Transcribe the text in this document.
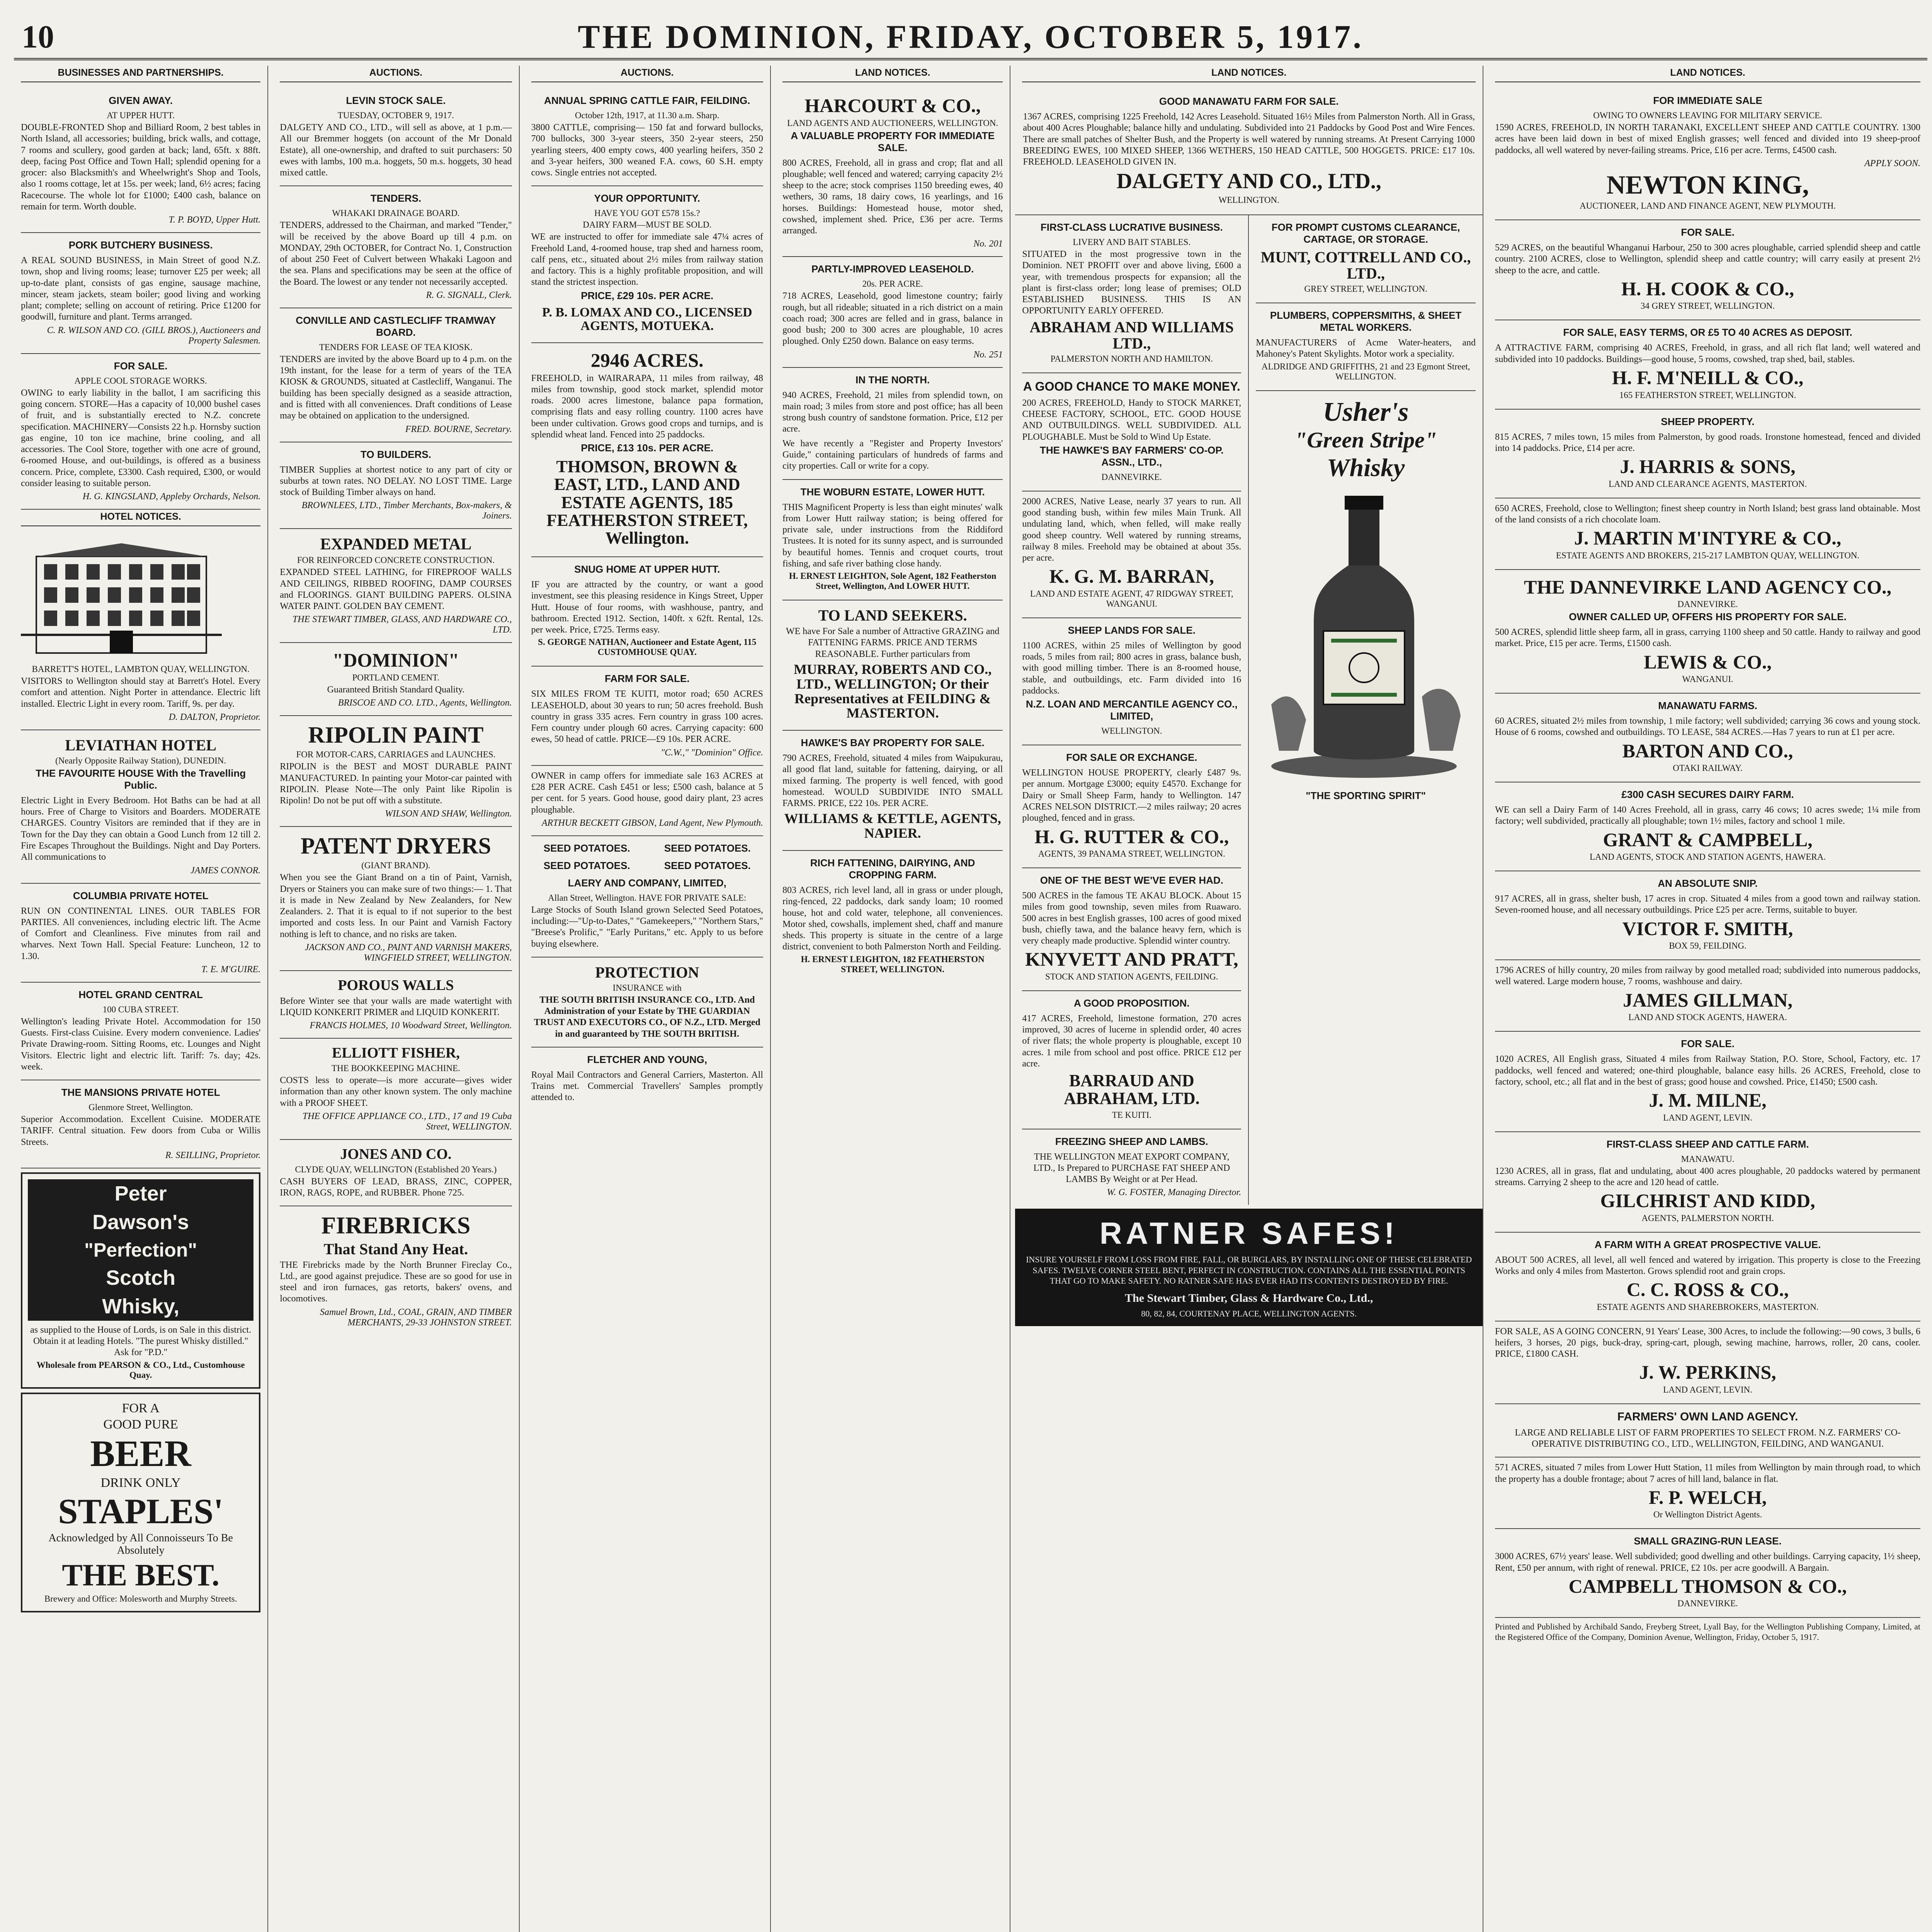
10	THE DOMINION, FRIDAY, OCTOBER 5, 1917.
BUSINESSES AND PARTNERSHIPS.
GIVEN AWAY.
AT UPPER HUTT.

DOUBLE-FRONTED Shop and Billiard Room, 2 best tables in North Island, all accessories; building, brick walls, and cottage, 7 rooms and scullery, good garden at back; land, 65ft. x 88ft. deep, facing Post Office and Town Hall; splendid opening for a grocer: also Blacksmith's and Wheelwright's Shop and Tools, also 1 rooms cottage, let at 15s. per week; land, 6½ acres; facing Racecourse. The whole lot for £1000; £400 cash, balance on remain for term. Worth double.

T. P. BOYD, Upper Hutt.
PORK BUTCHERY BUSINESS.

A REAL SOUND BUSINESS, in Main Street of good N.Z. town, shop and living rooms; lease; turnover £25 per week; all up-to-date plant, consists of gas engine, sausage machine, mincer, steam jackets, steam boiler; good living and working plant; complete; selling on account of retiring. Price £1200 for goodwill, furniture and plant. Terms arranged.

C. R. WILSON AND CO. (GILL BROS.), Auctioneers and Property Salesmen.
FOR SALE.
APPLE COOL STORAGE WORKS.

OWING to early liability in the ballot, I am sacrificing this going concern. STORE—Has a capacity of 10,000 bushel cases of fruit, and is substantially erected to N.Z. concrete specification. MACHINERY—Consists 22 h.p. Hornsby suction gas engine, 10 ton ice machine, brine cooling, and all accessories. The Cool Store, together with one acre of ground, 6-roomed House, and out-buildings, is offered as a business concern. Price, complete, £3300. Cash required, £300, or would consider leasing to suitable person.

H. G. KINGSLAND, Appleby Orchards, Nelson.
HOTEL NOTICES.
BARRETT'S HOTEL, LAMBTON QUAY, WELLINGTON.

VISITORS to Wellington should stay at Barrett's Hotel. Every comfort and attention. Night Porter in attendance. Electric lift installed. Electric Light in every room. Tariff, 9s. per day.

D. DALTON, Proprietor.
LEVIATHAN HOTEL
(Nearly Opposite Railway Station), DUNEDIN.
THE FAVOURITE HOUSE With the Travelling Public.

Electric Light in Every Bedroom. Hot Baths can be had at all hours. Free of Charge to Visitors and Boarders. MODERATE CHARGES. Country Visitors are reminded that if they are in Town for the Day they can obtain a Good Lunch from 12 till 2. Fire Escapes Throughout the Buildings. Night and Day Porters. All communications to

JAMES CONNOR.
COLUMBIA PRIVATE HOTEL

RUN ON CONTINENTAL LINES. OUR TABLES FOR PARTIES. All conveniences, including electric lift. The Acme of Comfort and Cleanliness. Five minutes from rail and wharves. Next Town Hall. Special Feature: Luncheon, 12 to 1.30.

T. E. M'GUIRE.
HOTEL GRAND CENTRAL
100 CUBA STREET.

Wellington's leading Private Hotel. Accommodation for 150 Guests. First-class Cuisine. Every modern convenience. Ladies' Private Drawing-room. Sitting Rooms, etc. Lounges and Night Visitors. Electric light and electric lift. Tariff: 7s. day; 42s. week.

THE MANSIONS PRIVATE HOTEL
Glenmore Street, Wellington.

Superior Accommodation. Excellent Cuisine. MODERATE TARIFF. Central situation. Few doors from Cuba or Willis Streets.

R. SEILLING, Proprietor.
Peter
Dawson's
"Perfection"
Scotch
Whisky,

as supplied to the House of Lords, is on Sale in this district. Obtain it at leading Hotels. "The purest Whisky distilled." Ask for "P.D."

Wholesale from PEARSON & CO., Ltd., Customhouse Quay.
FOR A
GOOD PURE
BEER
DRINK ONLY
STAPLES'
Acknowledged by All Connoisseurs To Be Absolutely
THE BEST.
Brewery and Office: Molesworth and Murphy Streets.
AUCTIONS.
LEVIN STOCK SALE.
TUESDAY, OCTOBER 9, 1917.

DALGETY AND CO., LTD., will sell as above, at 1 p.m.— All our Bremmer hoggets (on account of the Mr Donald Estate), all one-ownership, and drafted to suit purchasers: 50 ewes with lambs, 100 m.a. hoggets, 50 m.s. hoggets, 30 head mixed cattle.

TENDERS.
WHAKAKI DRAINAGE BOARD.

TENDERS, addressed to the Chairman, and marked "Tender," will be received by the above Board up till 4 p.m. on MONDAY, 29th OCTOBER, for Contract No. 1, Construction of about 250 Feet of Culvert between Whakaki Lagoon and the sea. Plans and specifications may be seen at the office of the Board. The lowest or any tender not necessarily accepted.

R. G. SIGNALL, Clerk.
CONVILLE AND CASTLECLIFF TRAMWAY BOARD.
TENDERS FOR LEASE OF TEA KIOSK.

TENDERS are invited by the above Board up to 4 p.m. on the 19th instant, for the lease for a term of years of the TEA KIOSK & GROUNDS, situated at Castlecliff, Wanganui. The building has been specially designed as a seaside attraction, and is fitted with all conveniences. Draft conditions of Lease may be obtained on application to the undersigned.

FRED. BOURNE, Secretary.
TO BUILDERS.

TIMBER Supplies at shortest notice to any part of city or suburbs at town rates. NO DELAY. NO LOST TIME. Large stock of Building Timber always on hand.

BROWNLEES, LTD., Timber Merchants, Box-makers, & Joiners.
EXPANDED METAL
FOR REINFORCED CONCRETE CONSTRUCTION.

EXPANDED STEEL LATHING, for FIREPROOF WALLS AND CEILINGS, RIBBED ROOFING, DAMP COURSES and FLOORINGS. GIANT BUILDING PAPERS. OLSINA WATER PAINT. GOLDEN BAY CEMENT.

THE STEWART TIMBER, GLASS, AND HARDWARE CO., LTD.
"DOMINION"
PORTLAND CEMENT.

Guaranteed British Standard Quality.

BRISCOE AND CO. LTD., Agents, Wellington.
RIPOLIN PAINT
FOR MOTOR-CARS, CARRIAGES and LAUNCHES.

RIPOLIN is the BEST and MOST DURABLE PAINT MANUFACTURED. In painting your Motor-car painted with RIPOLIN. Please Note—The only Paint like Ripolin is Ripolin! Do not be put off with a substitute.

WILSON AND SHAW, Wellington.
PATENT DRYERS
(GIANT BRAND).

When you see the Giant Brand on a tin of Paint, Varnish, Dryers or Stainers you can make sure of two things:— 1. That it is made in New Zealand by New Zealanders, for New Zealanders. 2. That it is equal to if not superior to the best imported and costs less. In our Paint and Varnish Factory nothing is left to chance, and no risks are taken.

JACKSON AND CO., PAINT AND VARNISH MAKERS, WINGFIELD STREET, WELLINGTON.
POROUS WALLS

Before Winter see that your walls are made watertight with LIQUID KONKERIT PRIMER and LIQUID KONKERIT.

FRANCIS HOLMES, 10 Woodward Street, Wellington.
ELLIOTT FISHER,
THE BOOKKEEPING MACHINE.

COSTS less to operate—is more accurate—gives wider information than any other known system. The only machine with a PROOF SHEET.

THE OFFICE APPLIANCE CO., LTD., 17 and 19 Cuba Street, WELLINGTON.
JONES AND CO.
CLYDE QUAY, WELLINGTON (Established 20 Years.)

CASH BUYERS OF LEAD, BRASS, ZINC, COPPER, IRON, RAGS, ROPE, and RUBBER. Phone 725.

FIREBRICKS
That Stand Any Heat.

THE Firebricks made by the North Brunner Fireclay Co., Ltd., are good against prejudice. These are so good for use in steel and iron furnaces, gas retorts, bakers' ovens, and locomotives.

Samuel Brown, Ltd., COAL, GRAIN, AND TIMBER MERCHANTS, 29-33 JOHNSTON STREET.
AUCTIONS.
ANNUAL SPRING CATTLE FAIR, FEILDING.
October 12th, 1917, at 11.30 a.m. Sharp.

3800 CATTLE, comprising— 150 fat and forward bullocks, 700 bullocks, 300 3-year steers, 350 2-year steers, 250 yearling steers, 400 empty cows, 400 yearling heifers, 350 2 and 3-year heifers, 300 weaned F.A. cows, 60 S.H. empty cows. Single entries not accepted.

YOUR OPPORTUNITY.
HAVE YOU GOT £578 15s.?
DAIRY FARM—MUST BE SOLD.

WE are instructed to offer for immediate sale 47¼ acres of Freehold Land, 4-roomed house, trap shed and harness room, calf pens, etc., situated about 2½ miles from railway station and factory. This is a highly profitable proposition, and will stand the strictest inspection.

PRICE, £29 10s. PER ACRE.
P. B. LOMAX AND CO., LICENSED AGENTS, MOTUEKA.
2946 ACRES.

FREEHOLD, in WAIRARAPA, 11 miles from railway, 48 miles from township, good stock market, splendid motor roads. 2000 acres limestone, balance papa formation, comprising flats and easy rolling country. 1100 acres have been under cultivation. Grows good crops and turnips, and is splendid wheat land. Fenced into 25 paddocks.

PRICE, £13 10s. PER ACRE.
THOMSON, BROWN & EAST, LTD., LAND AND ESTATE AGENTS, 185 FEATHERSTON STREET, Wellington.
SNUG HOME AT UPPER HUTT.

IF you are attracted by the country, or want a good investment, see this pleasing residence in Kings Street, Upper Hutt. House of four rooms, with washhouse, pantry, and bathroom. Erected 1912. Section, 140ft. x 62ft. Rental, 12s. per week. Price, £725. Terms easy.

S. GEORGE NATHAN, Auctioneer and Estate Agent, 115 CUSTOMHOUSE QUAY.
FARM FOR SALE.

SIX MILES FROM TE KUITI, motor road; 650 ACRES LEASEHOLD, about 30 years to run; 50 acres freehold. Bush country in grass 335 acres. Fern country in grass 100 acres. Fern country under plough 60 acres. Carrying capacity: 600 ewes, 50 head of cattle. PRICE—£9 10s. PER ACRE.

"C.W.," "Dominion" Office.

OWNER in camp offers for immediate sale 163 ACRES at £28 PER ACRE. Cash £451 or less; £500 cash, balance at 5 per cent. for 5 years. Good house, good dairy plant, 23 acres ploughable.

ARTHUR BECKETT GIBSON, Land Agent, New Plymouth.
SEED POTATOES.	SEED POTATOES.
SEED POTATOES.	SEED POTATOES.
LAERY AND COMPANY, LIMITED,
Allan Street, Wellington. HAVE FOR PRIVATE SALE:

Large Stocks of South Island grown Selected Seed Potatoes, including:—"Up-to-Dates," "Gamekeepers," "Northern Stars," "Breese's Prolific," "Early Puritans," etc. Apply to us before buying elsewhere.

PROTECTION
INSURANCE with

THE SOUTH BRITISH INSURANCE CO., LTD. And Administration of your Estate by THE GUARDIAN TRUST AND EXECUTORS CO., OF N.Z., LTD. Merged in and guaranteed by THE SOUTH BRITISH.

FLETCHER AND YOUNG,

Royal Mail Contractors and General Carriers, Masterton. All Trains met. Commercial Travellers' Samples promptly attended to.

LAND NOTICES.
HARCOURT & CO.,
LAND AGENTS AND AUCTIONEERS, WELLINGTON.
A VALUABLE PROPERTY FOR IMMEDIATE SALE.

800 ACRES, Freehold, all in grass and crop; flat and all ploughable; well fenced and watered; carrying capacity 2½ sheep to the acre; stock comprises 1150 breeding ewes, 40 wethers, 30 rams, 18 dairy cows, 16 yearlings, and 16 horses. Buildings: Homestead house, motor shed, cowshed, implement shed. Price, £36 per acre. Terms arranged.

No. 201
PARTLY-IMPROVED LEASEHOLD.
20s. PER ACRE.

718 ACRES, Leasehold, good limestone country; fairly rough, but all rideable; situated in a rich district on a main coach road; 300 acres are felled and in grass, balance in good bush; 200 to 300 acres are ploughable, 10 acres ploughed. Only £250 down. Balance on easy terms.

No. 251
IN THE NORTH.

940 ACRES, Freehold, 21 miles from splendid town, on main road; 3 miles from store and post office; has all been strong bush country of sandstone formation. Price, £12 per acre.

We have recently a "Register and Property Investors' Guide," containing particulars of hundreds of farms and city properties. Call or write for a copy.

THE WOBURN ESTATE, LOWER HUTT.

THIS Magnificent Property is less than eight minutes' walk from Lower Hutt railway station; is being offered for private sale, under instructions from the Riddiford Trustees. It is noted for its sunny aspect, and is surrounded by beautiful homes. Tennis and croquet courts, trout fishing, and safe river bathing close handy.

H. ERNEST LEIGHTON, Sole Agent, 182 Featherston Street, Wellington, And LOWER HUTT.
TO LAND SEEKERS.

WE have For Sale a number of Attractive GRAZING and FATTENING FARMS. PRICE AND TERMS REASONABLE. Further particulars from

MURRAY, ROBERTS AND CO., LTD., WELLINGTON; Or their Representatives at FEILDING & MASTERTON.
HAWKE'S BAY PROPERTY FOR SALE.

790 ACRES, Freehold, situated 4 miles from Waipukurau, all good flat land, suitable for fattening, dairying, or all mixed farming. The property is well fenced, with good homestead. WOULD SUBDIVIDE INTO SMALL FARMS. PRICE, £22 10s. PER ACRE.

WILLIAMS & KETTLE, AGENTS, NAPIER.
RICH FATTENING, DAIRYING, AND CROPPING FARM.

803 ACRES, rich level land, all in grass or under plough, ring-fenced, 22 paddocks, dark sandy loam; 10 roomed house, hot and cold water, telephone, all conveniences. Motor shed, cowshalls, implement shed, chaff and manure sheds. This property is situate in the centre of a large district, convenient to both Palmerston North and Feilding.

H. ERNEST LEIGHTON, 182 FEATHERSTON STREET, WELLINGTON.
LAND NOTICES.
GOOD MANAWATU FARM FOR SALE.

1367 ACRES, comprising 1225 Freehold, 142 Acres Leasehold. Situated 16½ Miles from Palmerston North. All in Grass, about 400 Acres Ploughable; balance hilly and undulating. Subdivided into 21 Paddocks by Good Post and Wire Fences. There are small patches of Shelter Bush, and the Property is well watered by running streams. At Present Carrying 1000 BREEDING EWES, 100 MIXED SHEEP, 1366 WETHERS, 150 HEAD CATTLE, 500 HOGGETS. PRICE: £17 10s. FREEHOLD. LEASEHOLD GIVEN IN.

DALGETY AND CO., LTD.,
WELLINGTON.
FIRST-CLASS LUCRATIVE BUSINESS.
LIVERY AND BAIT STABLES.

SITUATED in the most progressive town in the Dominion. NET PROFIT over and above living, £600 a year, with tremendous prospects for expansion; all the plant is first-class order; long lease of premises; OLD ESTABLISHED BUSINESS. THIS IS AN OPPORTUNITY EARLY OFFERED.

ABRAHAM AND WILLIAMS LTD.,
PALMERSTON NORTH AND HAMILTON.
A GOOD CHANCE TO MAKE MONEY.

200 ACRES, FREEHOLD, Handy to STOCK MARKET, CHEESE FACTORY, SCHOOL, ETC. GOOD HOUSE AND OUTBUILDINGS. WELL SUBDIVIDED. ALL PLOUGHABLE. Must be Sold to Wind Up Estate.

THE HAWKE'S BAY FARMERS' CO-OP. ASSN., LTD.,
DANNEVIRKE.

2000 ACRES, Native Lease, nearly 37 years to run. All good standing bush, within few miles Main Trunk. All undulating land, which, when felled, will make really good sheep country. Well watered by running streams, railway 8 miles. Freehold may be obtained at about 35s. per acre.

K. G. M. BARRAN,
LAND AND ESTATE AGENT, 47 RIDGWAY STREET, WANGANUI.
SHEEP LANDS FOR SALE.

1100 ACRES, within 25 miles of Wellington by good roads, 5 miles from rail; 800 acres in grass, balance bush, with good milling timber. There is an 8-roomed house, stable, and outbuildings, etc. Farm divided into 16 paddocks.

N.Z. LOAN AND MERCANTILE AGENCY CO., LIMITED,
WELLINGTON.
FOR SALE OR EXCHANGE.

WELLINGTON HOUSE PROPERTY, clearly £487 9s. per annum. Mortgage £3000; equity £4570. Exchange for Dairy or Small Sheep Farm, handy to Wellington. 147 ACRES NELSON DISTRICT.—2 miles railway; 20 acres ploughed, fenced and in grass.

H. G. RUTTER & CO.,
AGENTS, 39 PANAMA STREET, WELLINGTON.
ONE OF THE BEST WE'VE EVER HAD.

500 ACRES in the famous TE AKAU BLOCK. About 15 miles from good township, seven miles from Ruawaro. 500 acres in best English grasses, 100 acres of good mixed bush, chiefly tawa, and the balance heavy fern, which is very cheaply made productive. Splendid winter country.

KNYVETT AND PRATT,
STOCK AND STATION AGENTS, FEILDING.
A GOOD PROPOSITION.

417 ACRES, Freehold, limestone formation, 270 acres improved, 30 acres of lucerne in splendid order, 40 acres of river flats; the whole property is ploughable, except 10 acres. 1 mile from school and post office. PRICE £12 per acre.

BARRAUD AND ABRAHAM, LTD.
TE KUITI.
FREEZING SHEEP AND LAMBS.

THE WELLINGTON MEAT EXPORT COMPANY, LTD., Is Prepared to PURCHASE FAT SHEEP AND LAMBS By Weight or at Per Head.

W. G. FOSTER, Managing Director.
FOR PROMPT CUSTOMS CLEARANCE, CARTAGE, OR STORAGE.
MUNT, COTTRELL AND CO., LTD.,
GREY STREET, WELLINGTON.
PLUMBERS, COPPERSMITHS, & SHEET METAL WORKERS.

MANUFACTURERS of Acme Water-heaters, and Mahoney's Patent Skylights. Motor work a speciality.

ALDRIDGE AND GRIFFITHS, 21 and 23 Egmont Street, WELLINGTON.
Usher's
"Green Stripe"
Whisky
"THE SPORTING SPIRIT"
RATNER SAFES!
INSURE YOURSELF FROM LOSS FROM FIRE, FALL, OR BURGLARS, BY INSTALLING ONE OF THESE CELEBRATED SAFES. TWELVE CORNER STEEL BENT, PERFECT IN CONSTRUCTION. CONTAINS ALL THE ESSENTIAL POINTS THAT GO TO MAKE SAFETY. NO RATNER SAFE HAS EVER HAD ITS CONTENTS DESTROYED BY FIRE.
The Stewart Timber, Glass & Hardware Co., Ltd.,
80, 82, 84, COURTENAY PLACE, WELLINGTON AGENTS.
LAND NOTICES.
FOR IMMEDIATE SALE
OWING TO OWNERS LEAVING FOR MILITARY SERVICE.

1590 ACRES, FREEHOLD, IN NORTH TARANAKI, EXCELLENT SHEEP AND CATTLE COUNTRY. 1300 acres have been laid down in best of mixed English grasses; well fenced and divided into 19 sheep-proof paddocks, all well watered by never-failing streams. Price, £16 per acre. Terms, £4500 cash.

APPLY SOON.
NEWTON KING,
AUCTIONEER, LAND AND FINANCE AGENT, NEW PLYMOUTH.
FOR SALE.

529 ACRES, on the beautiful Whanganui Harbour, 250 to 300 acres ploughable, carried splendid sheep and cattle country. 2100 ACRES, close to Wellington, splendid sheep and cattle country; will carry easily at present 2½ sheep to the acre, and cattle.

H. H. COOK & CO.,
34 GREY STREET, WELLINGTON.
FOR SALE, EASY TERMS, OR £5 TO 40 ACRES AS DEPOSIT.

A ATTRACTIVE FARM, comprising 40 ACRES, Freehold, in grass, and all rich flat land; well watered and subdivided into 10 paddocks. Buildings—good house, 5 rooms, cowshed, trap shed, bail, stables.

H. F. M'NEILL & CO.,
165 FEATHERSTON STREET, WELLINGTON.
SHEEP PROPERTY.

815 ACRES, 7 miles town, 15 miles from Palmerston, by good roads. Ironstone homestead, fenced and divided into 14 paddocks. Price, £14 per acre.

J. HARRIS & SONS,
LAND AND CLEARANCE AGENTS, MASTERTON.

650 ACRES, Freehold, close to Wellington; finest sheep country in North Island; best grass land obtainable. Most of the land consists of a rich chocolate loam.

J. MARTIN M'INTYRE & CO.,
ESTATE AGENTS AND BROKERS, 215-217 LAMBTON QUAY, WELLINGTON.
THE DANNEVIRKE LAND AGENCY CO.,
DANNEVIRKE.
OWNER CALLED UP, OFFERS HIS PROPERTY FOR SALE.

500 ACRES, splendid little sheep farm, all in grass, carrying 1100 sheep and 50 cattle. Handy to railway and good market. Price, £15 per acre. Terms, £1500 cash.

LEWIS & CO.,
WANGANUI.
MANAWATU FARMS.

60 ACRES, situated 2½ miles from township, 1 mile factory; well subdivided; carrying 36 cows and young stock. House of 6 rooms, cowshed and outbuildings. TO LEASE, 584 ACRES.—Has 7 years to run at £1 per acre.

BARTON AND CO.,
OTAKI RAILWAY.
£300 CASH SECURES DAIRY FARM.

WE can sell a Dairy Farm of 140 Acres Freehold, all in grass, carry 46 cows; 10 acres swede; 1¼ mile from factory; well subdivided, practically all ploughable; town 1½ miles, factory and school 1 mile.

GRANT & CAMPBELL,
LAND AGENTS, STOCK AND STATION AGENTS, HAWERA.
AN ABSOLUTE SNIP.

917 ACRES, all in grass, shelter bush, 17 acres in crop. Situated 4 miles from a good town and railway station. Seven-roomed house, and all necessary outbuildings. Price £25 per acre. Terms, suitable to buyer.

VICTOR F. SMITH,
BOX 59, FEILDING.

1796 ACRES of hilly country, 20 miles from railway by good metalled road; subdivided into numerous paddocks, well watered. Large modern house, 7 rooms, washhouse and dairy.

JAMES GILLMAN,
LAND AND STOCK AGENTS, HAWERA.
FOR SALE.

1020 ACRES, All English grass, Situated 4 miles from Railway Station, P.O. Store, School, Factory, etc. 17 paddocks, well fenced and watered; one-third ploughable, balance easy hills. 26 ACRES, Freehold, close to factory, school, etc.; all flat and in the best of grass; good house and cowshed. Price, £1450; £500 cash.

J. M. MILNE,
LAND AGENT, LEVIN.
FIRST-CLASS SHEEP AND CATTLE FARM.
MANAWATU.

1230 ACRES, all in grass, flat and undulating, about 400 acres ploughable, 20 paddocks watered by permanent streams. Carrying 2 sheep to the acre and 120 head of cattle.

GILCHRIST AND KIDD,
AGENTS, PALMERSTON NORTH.
A FARM WITH A GREAT PROSPECTIVE VALUE.

ABOUT 500 ACRES, all level, all well fenced and watered by irrigation. This property is close to the Freezing Works and only 4 miles from Masterton. Grows splendid root and grain crops.

C. C. ROSS & CO.,
ESTATE AGENTS AND SHAREBROKERS, MASTERTON.

FOR SALE, AS A GOING CONCERN, 91 Years' Lease, 300 Acres, to include the following:—90 cows, 3 bulls, 6 heifers, 3 horses, 20 pigs, buck-dray, spring-cart, plough, sewing machine, harrows, roller, 20 cans, cooler. PRICE, £1800 CASH.

J. W. PERKINS,
LAND AGENT, LEVIN.
FARMERS' OWN LAND AGENCY.

LARGE AND RELIABLE LIST OF FARM PROPERTIES TO SELECT FROM. N.Z. FARMERS' CO-OPERATIVE DISTRIBUTING CO., LTD., WELLINGTON, FEILDING, AND WANGANUI.

571 ACRES, situated 7 miles from Lower Hutt Station, 11 miles from Wellington by main through road, to which the property has a double frontage; about 7 acres of hill land, balance in flat.

F. P. WELCH,
Or Wellington District Agents.
SMALL GRAZING-RUN LEASE.

3000 ACRES, 67½ years' lease. Well subdivided; good dwelling and other buildings. Carrying capacity, 1½ sheep, Rent, £50 per annum, with right of renewal. PRICE, £2 10s. per acre goodwill. A Bargain.

CAMPBELL THOMSON & CO.,
DANNEVIRKE.

Printed and Published by Archibald Sando, Freyberg Street, Lyall Bay, for the Wellington Publishing Company, Limited, at the Registered Office of the Company, Dominion Avenue, Wellington, Friday, October 5, 1917.
